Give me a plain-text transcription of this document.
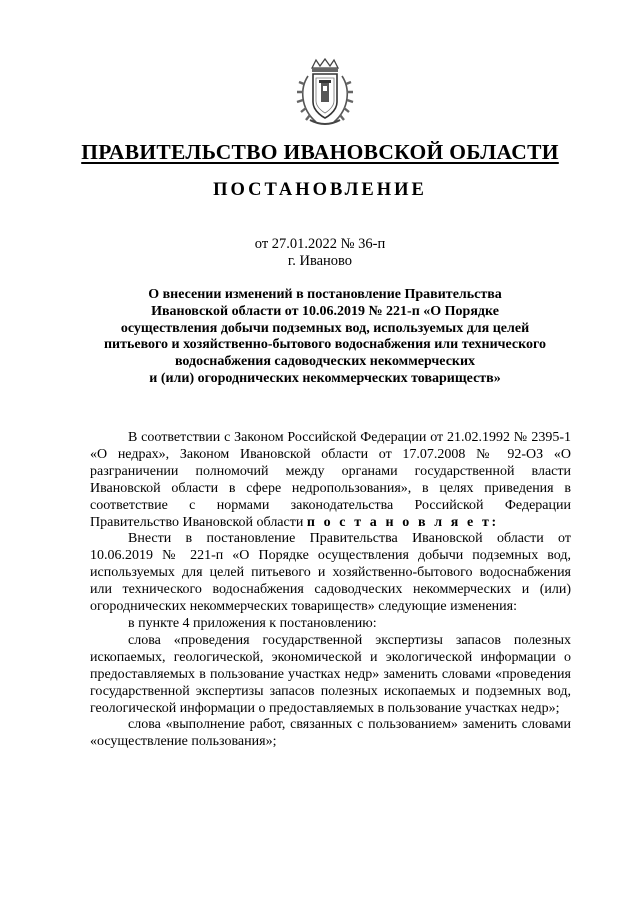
ПРАВИТЕЛЬСТВО ИВАНОВСКОЙ ОБЛАСТИ
ПОСТАНОВЛЕНИЕ
от 27.01.2022 № 36-п
г. Иваново
О внесении изменений в постановление Правительства
Ивановской области от 10.06.2019 № 221-п «О Порядке
осуществления добычи подземных вод, используемых для целей
питьевого и хозяйственно-бытового водоснабжения или технического
водоснабжения садоводческих некоммерческих
и (или) огороднических некоммерческих товариществ»

В соответствии с Законом Российской Федерации от 21.02.1992 № 2395-1 «О недрах», Законом Ивановской области от 17.07.2008 № 92-ОЗ «О разграничении полномочий между органами государственной власти Ивановской области в сфере недропользования», в целях приведения в соответствие с нормами законодательства Российской Федерации Правительство Ивановской области п о с т а н о в л я е т:

Внести в постановление Правительства Ивановской области от 10.06.2019 № 221-п «О Порядке осуществления добычи подземных вод, используемых для целей питьевого и хозяйственно-бытового водоснабжения или технического водоснабжения садоводческих некоммерческих и (или) огороднических некоммерческих товариществ» следующие изменения:

в пункте 4 приложения к постановлению:

слова «проведения государственной экспертизы запасов полезных ископаемых, геологической, экономической и экологической информации о предоставляемых в пользование участках недр» заменить словами «проведения государственной экспертизы запасов полезных ископаемых и подземных вод, геологической информации о предоставляемых в пользование участках недр»;

слова «выполнение работ, связанных с пользованием» заменить словами «осуществление пользования»;
